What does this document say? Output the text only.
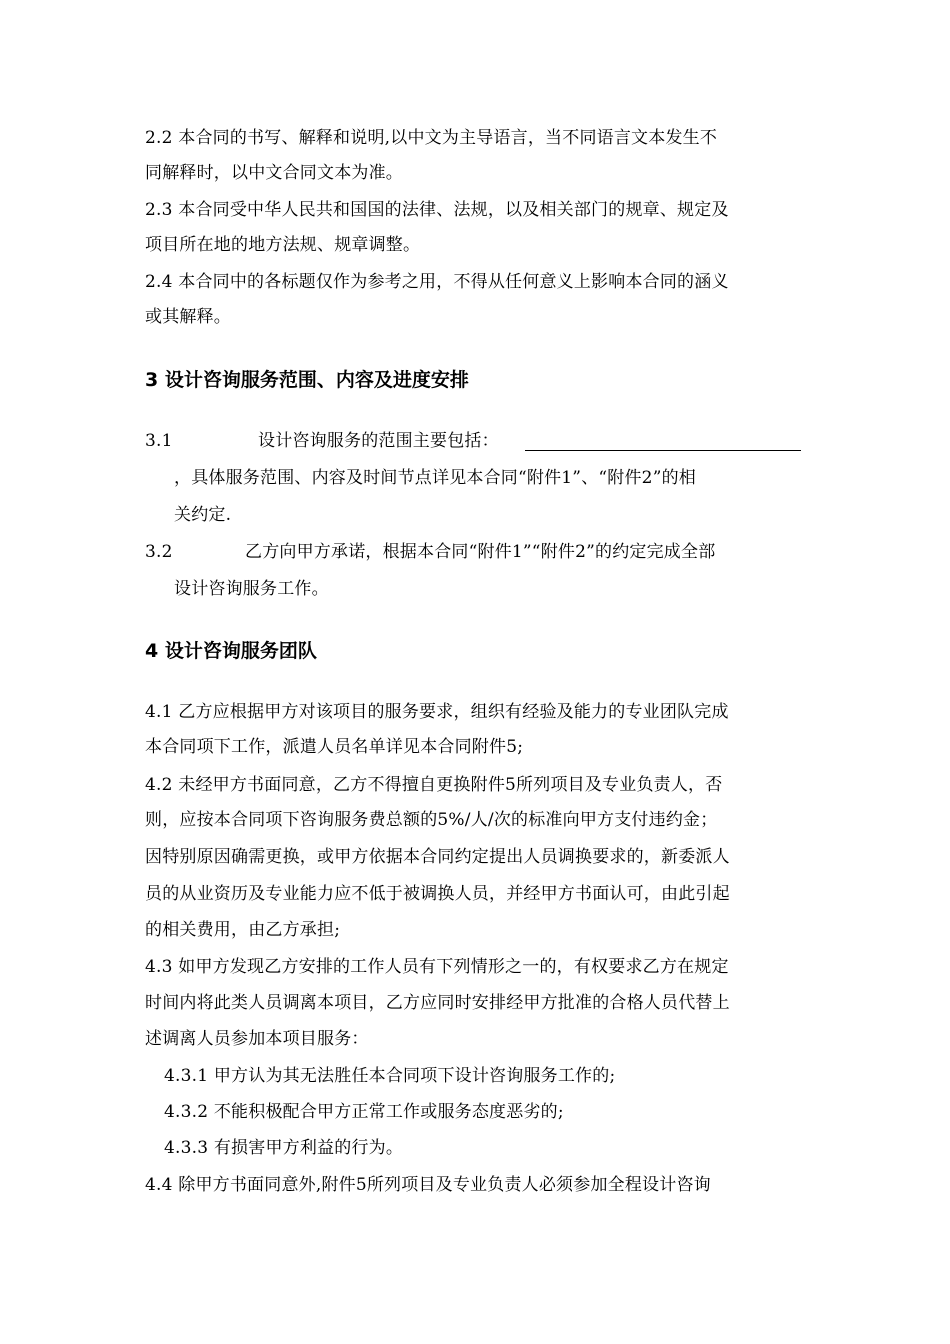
2.2 本合同的书写、解释和说明,以中文为主导语言，当不同语言文本发生不
同解释时，以中文合同文本为准。
2.3 本合同受中华人民共和国国的法律、法规，以及相关部门的规章、规定及
项目所在地的地方法规、规章调整。
2.4 本合同中的各标题仅作为参考之用，不得从任何意义上影响本合同的涵义
或其解释。
3 设计咨询服务范围、内容及进度安排
3.1	设计咨询服务的范围主要包括：
，具体服务范围、内容及时间节点详见本合同“附件1”、“附件2”的相
关约定.
3.2	乙方向甲方承诺，根据本合同“附件1”“附件2”的约定完成全部
设计咨询服务工作。
4 设计咨询服务团队
4.1 乙方应根据甲方对该项目的服务要求，组织有经验及能力的专业团队完成
本合同项下工作，派遣人员名单详见本合同附件5;
4.2 未经甲方书面同意，乙方不得擅自更换附件5所列项目及专业负责人，否
则，应按本合同项下咨询服务费总额的5%/人/次的标准向甲方支付违约金；
因特别原因确需更换，或甲方依据本合同约定提出人员调换要求的，新委派人
员的从业资历及专业能力应不低于被调换人员，并经甲方书面认可，由此引起
的相关费用，由乙方承担;
4.3 如甲方发现乙方安排的工作人员有下列情形之一的，有权要求乙方在规定
时间内将此类人员调离本项目，乙方应同时安排经甲方批准的合格人员代替上
述调离人员参加本项目服务：
4.3.1 甲方认为其无法胜任本合同项下设计咨询服务工作的;
4.3.2 不能积极配合甲方正常工作或服务态度恶劣的;
4.3.3 有损害甲方利益的行为。
4.4 除甲方书面同意外,附件5所列项目及专业负责人必须参加全程设计咨询
